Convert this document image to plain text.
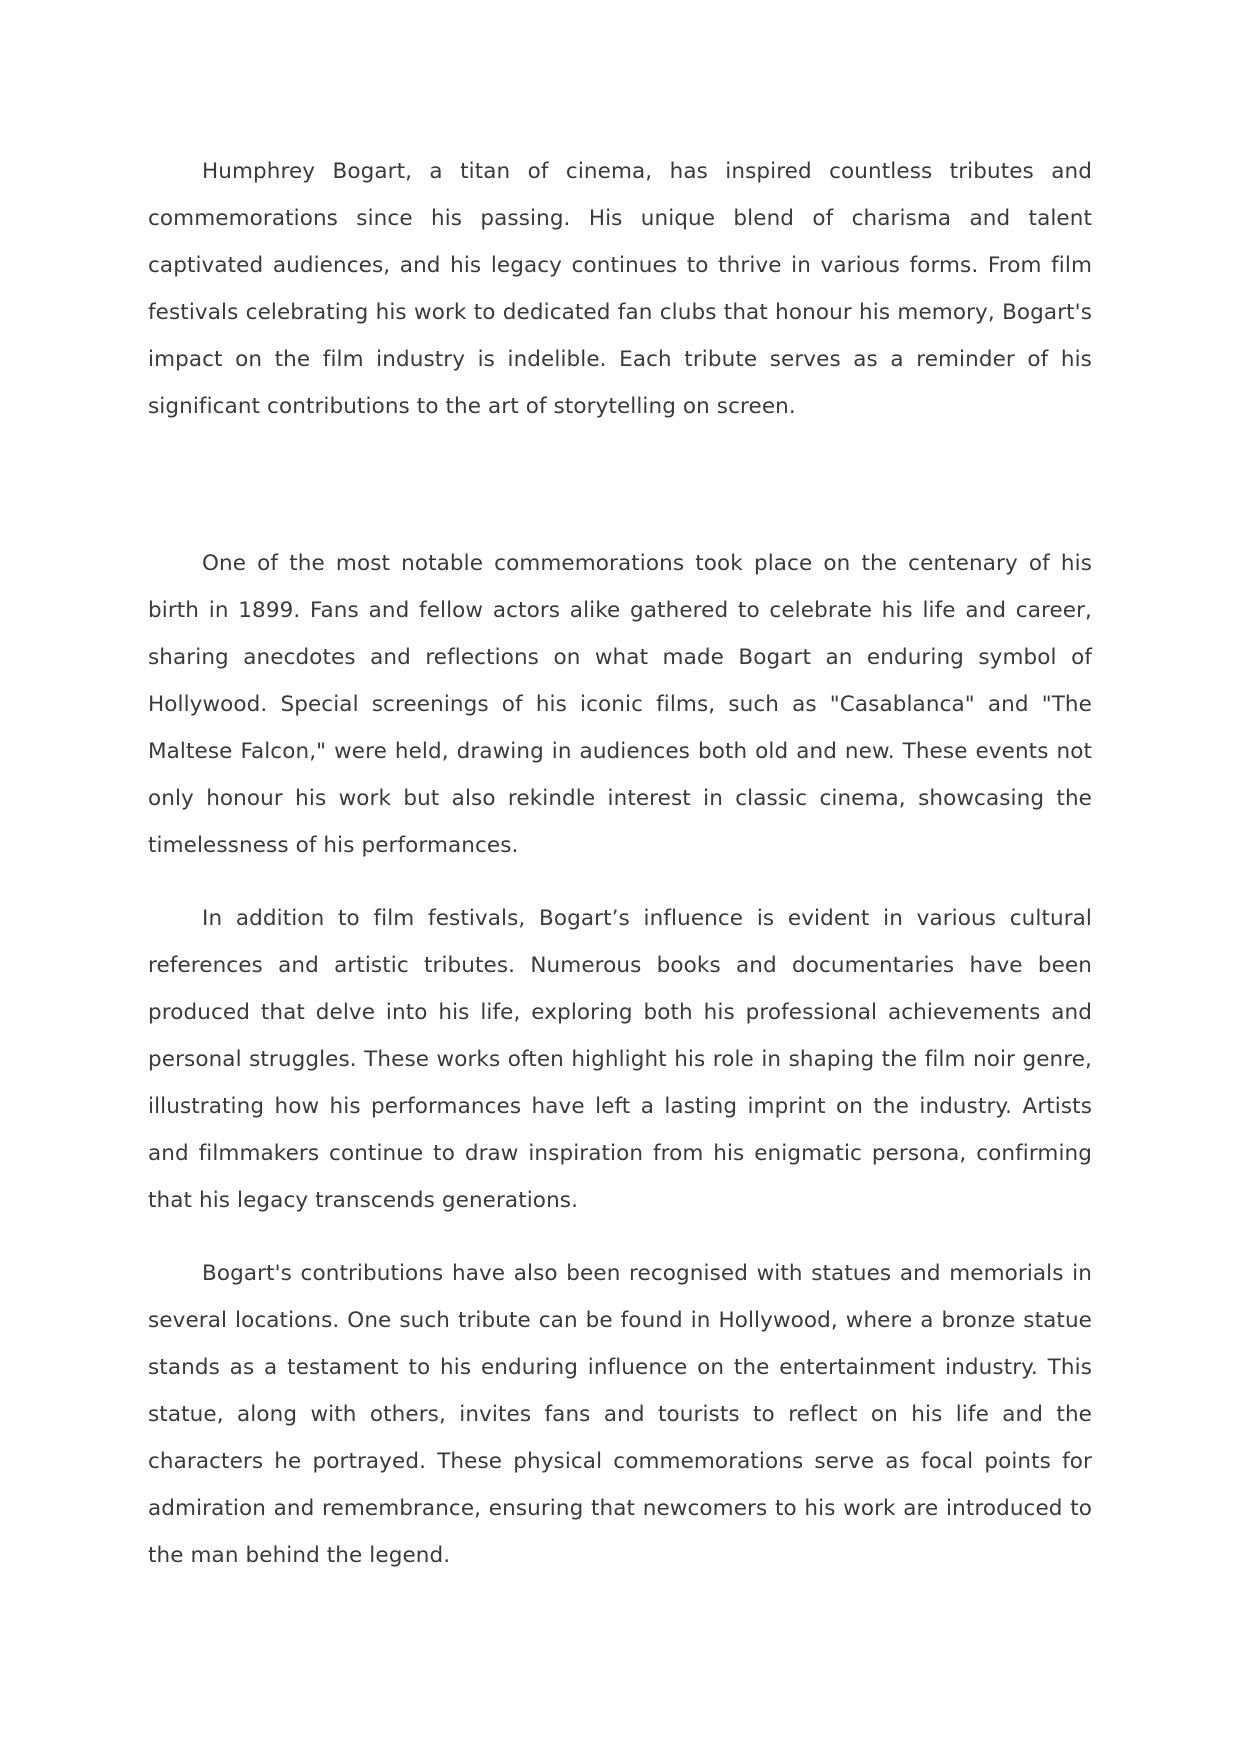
Humphrey Bogart, a titan of cinema, has inspired countless tributes and commemorations since his passing. His unique blend of charisma and talent captivated audiences, and his legacy continues to thrive in various forms. From film festivals celebrating his work to dedicated fan clubs that honour his memory, Bogart's impact on the film industry is indelible. Each tribute serves as a reminder of his significant contributions to the art of storytelling on screen.

One of the most notable commemorations took place on the centenary of his birth in 1899. Fans and fellow actors alike gathered to celebrate his life and career, sharing anecdotes and reflections on what made Bogart an enduring symbol of Hollywood. Special screenings of his iconic films, such as "Casablanca" and "The Maltese Falcon," were held, drawing in audiences both old and new. These events not only honour his work but also rekindle interest in classic cinema, showcasing the timelessness of his performances.

In addition to film festivals, Bogart’s influence is evident in various cultural references and artistic tributes. Numerous books and documentaries have been produced that delve into his life, exploring both his professional achievements and personal struggles. These works often highlight his role in shaping the film noir genre, illustrating how his performances have left a lasting imprint on the industry. Artists and filmmakers continue to draw inspiration from his enigmatic persona, confirming that his legacy transcends generations.

Bogart's contributions have also been recognised with statues and memorials in several locations. One such tribute can be found in Hollywood, where a bronze statue stands as a testament to his enduring influence on the entertainment industry. This statue, along with others, invites fans and tourists to reflect on his life and the characters he portrayed. These physical commemorations serve as focal points for admiration and remembrance, ensuring that newcomers to his work are introduced to the man behind the legend.
